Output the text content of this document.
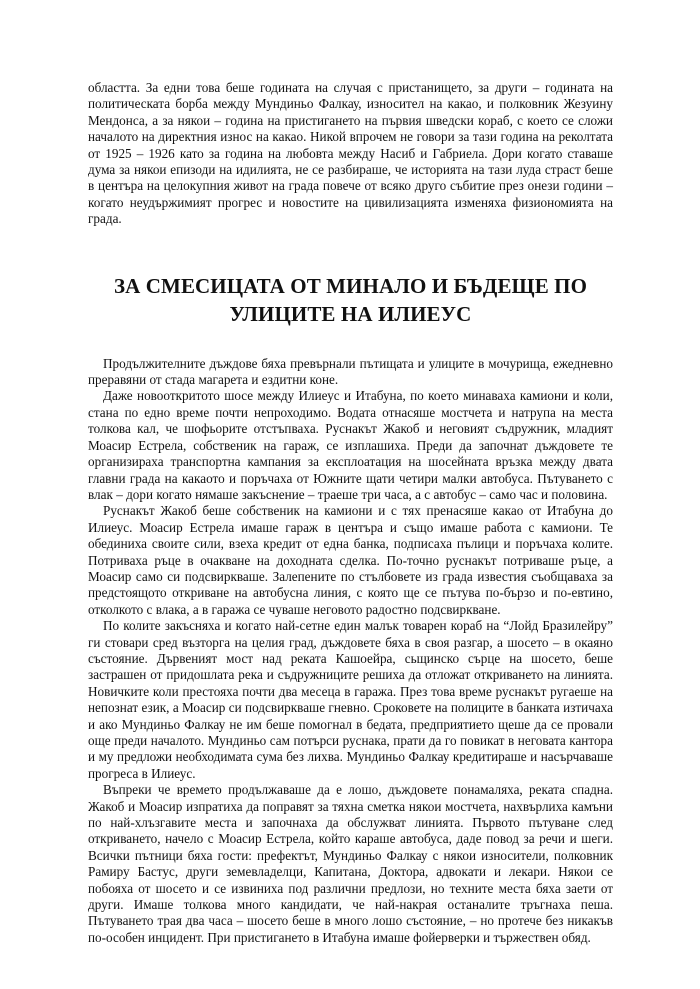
областта. За едни това беше годината на случая с пристанището, за други – годината на политическата борба между Мундиньо Фалкау, износител на какао, и полковник Жезуину Мендонса, а за някои – година на пристигането на първия шведски кораб, с което се сложи началото на директния износ на какао. Никой впрочем не говори за тази година на реколтата от 1925 – 1926 като за година на любовта между Насиб и Габриела. Дори когато ставаше дума за някои епизоди на идилията, не се разбираше, че историята на тази луда страст беше в центъра на целокупния живот на града повече от всяко друго събитие през онези години – когато неудържимият прогрес и новостите на цивилизацията изменяха физиономията на града.

ЗА СМЕСИЦАТА ОТ МИНАЛО И БЪДЕЩЕ ПО
УЛИЦИТЕ НА ИЛИЕУС

Продължителните дъждове бяха превърнали пътищата и улиците в мочурища, ежедневно преравяни от стада магарета и ездитни коне.

Даже новооткритото шосе между Илиеус и Итабуна, по което минаваха камиони и коли, стана по едно време почти непроходимо. Водата отнасяше мостчета и натрупа на места толкова кал, че шофьорите отстъпваха. Руснакът Жакоб и неговият съдружник, младият Моасир Естрела, собственик на гараж, се изплашиха. Преди да започнат дъждовете те организираха транспортна кампания за експлоатация на шосейната връзка между двата главни града на какаото и поръчаха от Южните щати четири малки автобуса. Пътуването с влак – дори когато нямаше закъснение – траеше три часа, а с автобус – само час и половина.

Руснакът Жакоб беше собственик на камиони и с тях пренасяше какао от Итабуна до Илиеус. Моасир Естрела имаше гараж в центъра и също имаше работа с камиони. Те обединиха своите сили, взеха кредит от една банка, подписаха пълици и поръчаха колите. Потриваха ръце в очакване на доходната сделка. По-точно руснакът потриваше ръце, а Моасир само си подсвиркваше. Залепените по стълбовете из града известия съобщаваха за предстоящото откриване на автобусна линия, с която ще се пътува по-бързо и по-евтино, отколкото с влака, а в гаража се чуваше неговото радостно подсвиркване.

По колите закъсняха и когато най-сетне един малък товарен кораб на “Лойд Бразилейру” ги стовари сред възторга на целия град, дъждовете бяха в своя разгар, а шосето – в окаяно състояние. Дървеният мост над реката Кашоейра, сьщинско сърце на шосето, беше застрашен от придошлата река и съдружниците решиха да отложат откриването на линията. Новичките коли престояха почти два месеца в гаража. През това време руснакът ругаеше на непознат език, а Моасир си подсвиркваше гневно. Сроковете на полиците в банката изтичаха и ако Мундиньо Фалкау не им беше помогнал в бедата, предприятието щеше да се провали още преди началото. Мундиньо сам потърси руснака, прати да го повикат в неговата кантора и му предложи необходимата сума без лихва. Мундиньо Фалкау кредитираше и насърчаваше прогреса в Илиеус.

Въпреки че времето продължаваше да е лошо, дъждовете понамаляха, реката спадна. Жакоб и Моасир изпратиха да поправят за тяхна сметка някои мостчета, нахвърлиха камъни по най-хлъзгавите места и започнаха да обслужват линията. Първото пътуване след откриването, начело с Моасир Естрела, който караше автобуса, даде повод за речи и шеги. Всички пътници бяха гости: префектът, Мундиньо Фалкау с някои износители, полковник Рамиру Бастус, други земевладелци, Капитана, Доктора, адвокати и лекари. Някои се побояха от шосето и се извиниха под различни предлози, но техните места бяха заети от други. Имаше толкова много кандидати, че най-накрая останалите тръгнаха пеша. Пътуването трая два часа – шосето беше в много лошо състояние, – но протече без никакъв по-особен инцидент. При пристигането в Итабуна имаше фойерверки и тържествен обяд.
